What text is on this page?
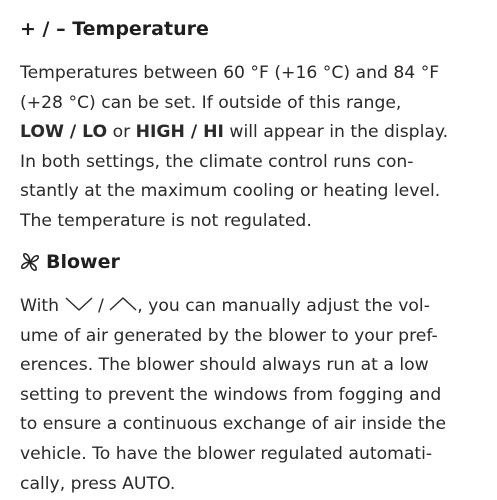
+ / – Temperature

Temperatures between 60 °F (+16 °C) and 84 °F
(+28 °C) can be set. If outside of this range,
LOW / LO or HIGH / HI will appear in the display.
In both settings, the climate control runs con-
stantly at the maximum cooling or heating level.
The temperature is not regulated.

Blower

With  / , you can manually adjust the vol-
ume of air generated by the blower to your pref-
erences. The blower should always run at a low
setting to prevent the windows from fogging and
to ensure a continuous exchange of air inside the
vehicle. To have the blower regulated automati-
cally, press AUTO.
